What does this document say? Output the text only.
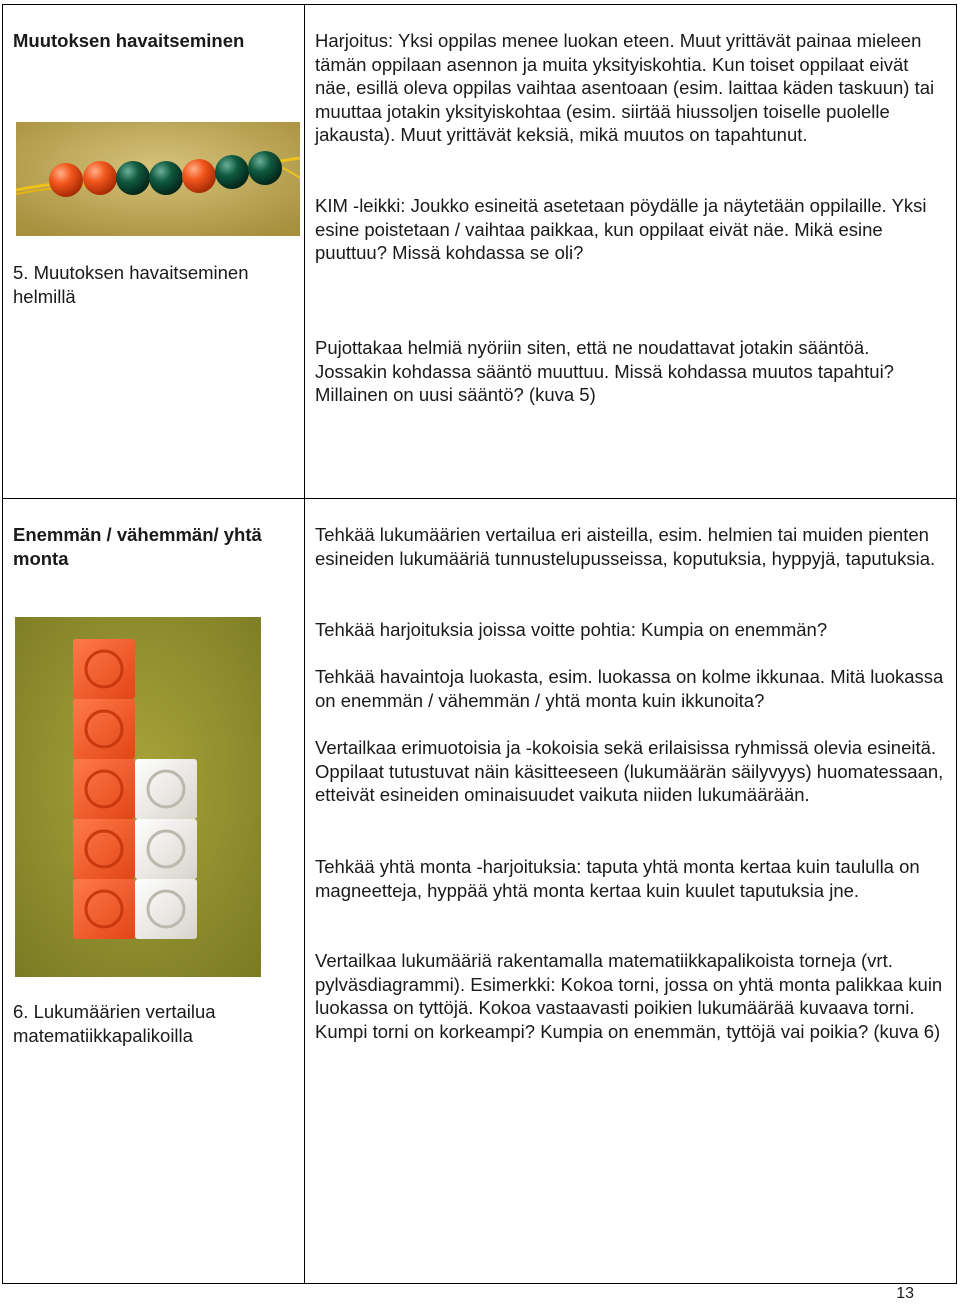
Muutoksen havaitseminen
5. Muutoksen havaitseminen
helmillä

Harjoitus: Yksi oppilas menee luokan eteen. Muut yrittävät painaa mieleen tämän oppilaan asennon ja muita yksityiskohtia. Kun toiset oppilaat eivät näe, esillä oleva oppilas vaihtaa asentoaan (esim. laittaa käden taskuun) tai muuttaa jotakin yksityiskohtaa (esim. siirtää hiussoljen toiselle puolelle jakausta). Muut yrittävät keksiä, mikä muutos on tapahtunut.

KIM -leikki: Joukko esineitä asetetaan pöydälle ja näytetään oppilaille. Yksi esine poistetaan / vaihtaa paikkaa, kun oppilaat eivät näe. Mikä esine puuttuu? Missä kohdassa se oli?

Pujottakaa helmiä nyöriin siten, että ne noudattavat jotakin sääntöä. Jossakin kohdassa sääntö muuttuu. Missä kohdassa muutos tapahtui? Millainen on uusi sääntö? (kuva 5)

Enemmän / vähemmän/ yhtä monta
6. Lukumäärien vertailua
matematiikkapalikoilla

Tehkää lukumäärien vertailua eri aisteilla, esim. helmien tai muiden pienten esineiden lukumääriä tunnustelupusseissa, koputuksia, hyppyjä, taputuksia.

Tehkää harjoituksia joissa voitte pohtia: Kumpia on enemmän?

Tehkää havaintoja luokasta, esim. luokassa on kolme ikkunaa. Mitä luokassa on enemmän / vähemmän / yhtä monta kuin ikkunoita?

Vertailkaa erimuotoisia ja -kokoisia sekä erilaisissa ryhmissä olevia esineitä. Oppilaat tutustuvat näin käsitteeseen (lukumäärän säilyvyys) huomatessaan, etteivät esineiden ominaisuudet vaikuta niiden lukumäärään.

Tehkää yhtä monta -harjoituksia: taputa yhtä monta kertaa kuin taululla on magneetteja, hyppää yhtä monta kertaa kuin kuulet taputuksia jne.

Vertailkaa lukumääriä rakentamalla matematiikkapalikoista torneja (vrt. pylväsdiagrammi). Esimerkki: Kokoa torni, jossa on yhtä monta palikkaa kuin luokassa on tyttöjä. Kokoa vastaavasti poikien lukumäärää kuvaava torni. Kumpi torni on korkeampi? Kumpia on enemmän, tyttöjä vai poikia? (kuva 6)

13
